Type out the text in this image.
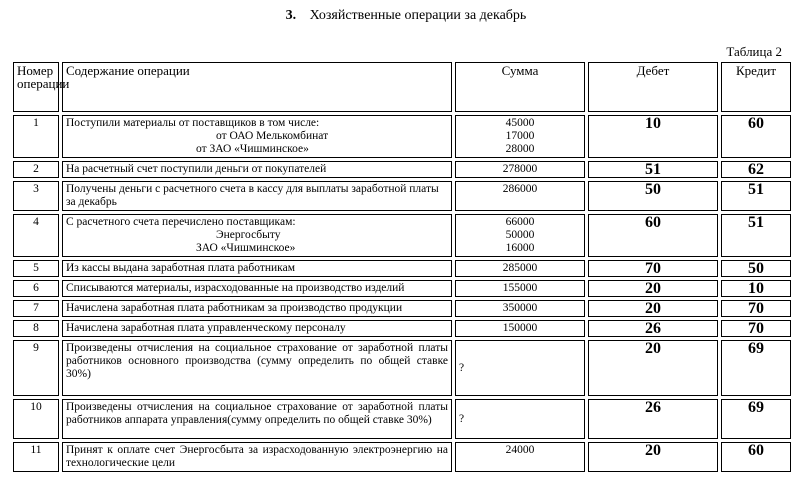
3. Хозяйственные операции за декабрь
Таблица 2
Номер операции	Содержание операции	Сумма	Дебет	Кредит
1	Поступили материалы от поставщиков в том числе:
от ОАО Мелькомбинат
от ЗАО «Чишминское»	45000
17000
28000	10	60
2	На расчетный счет поступили деньги от покупателей	278000	51	62
3	Получены деньги с расчетного счета в кассу для выплаты заработной платы за декабрь	286000	50	51
4	С расчетного счета перечислено поставщикам:
Энергосбыту
ЗАО «Чишминское»	66000
50000
16000	60	51
5	Из кассы выдана заработная плата работникам	285000	70	50
6	Списываются материалы, израсходованные на производство изделий	155000	20	10
7	Начислена заработная плата работникам за производство продукции	350000	20	70
8	Начислена заработная плата управленческому персоналу	150000	26	70
9	Произведены отчисления на социальное страхование от заработной платы работников основного производства (сумму определить по общей ставке 30%)	?	20	69
10	Произведены отчисления на социальное страхование от заработной платы работников аппарата управления(сумму определить по общей ставке 30%)	?	26	69
11	Принят к оплате счет Энергосбыта за израсходованную электроэнергию на технологические цели	24000	20	60
